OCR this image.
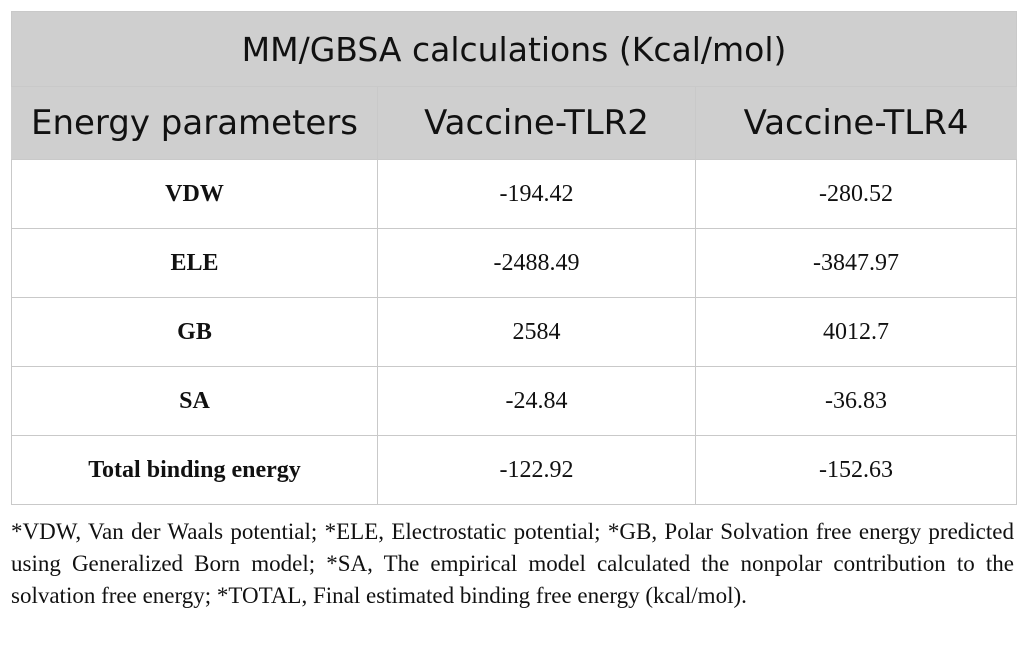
MM/GBSA calculations (Kcal/mol)		
Energy parameters	Vaccine-TLR2	Vaccine-TLR4
VDW	-194.42	-280.52
ELE	-2488.49	-3847.97
GB	2584	4012.7
SA	-24.84	-36.83
Total binding energy	-122.92	-152.63
*VDW, Van der Waals potential; *ELE, Electrostatic potential; *GB, Polar Solvation free energy predicted using Generalized Born model; *SA, The empirical model calculated the nonpolar contribution to the solvation free energy; *TOTAL, Final estimated binding free energy (kcal/mol).
